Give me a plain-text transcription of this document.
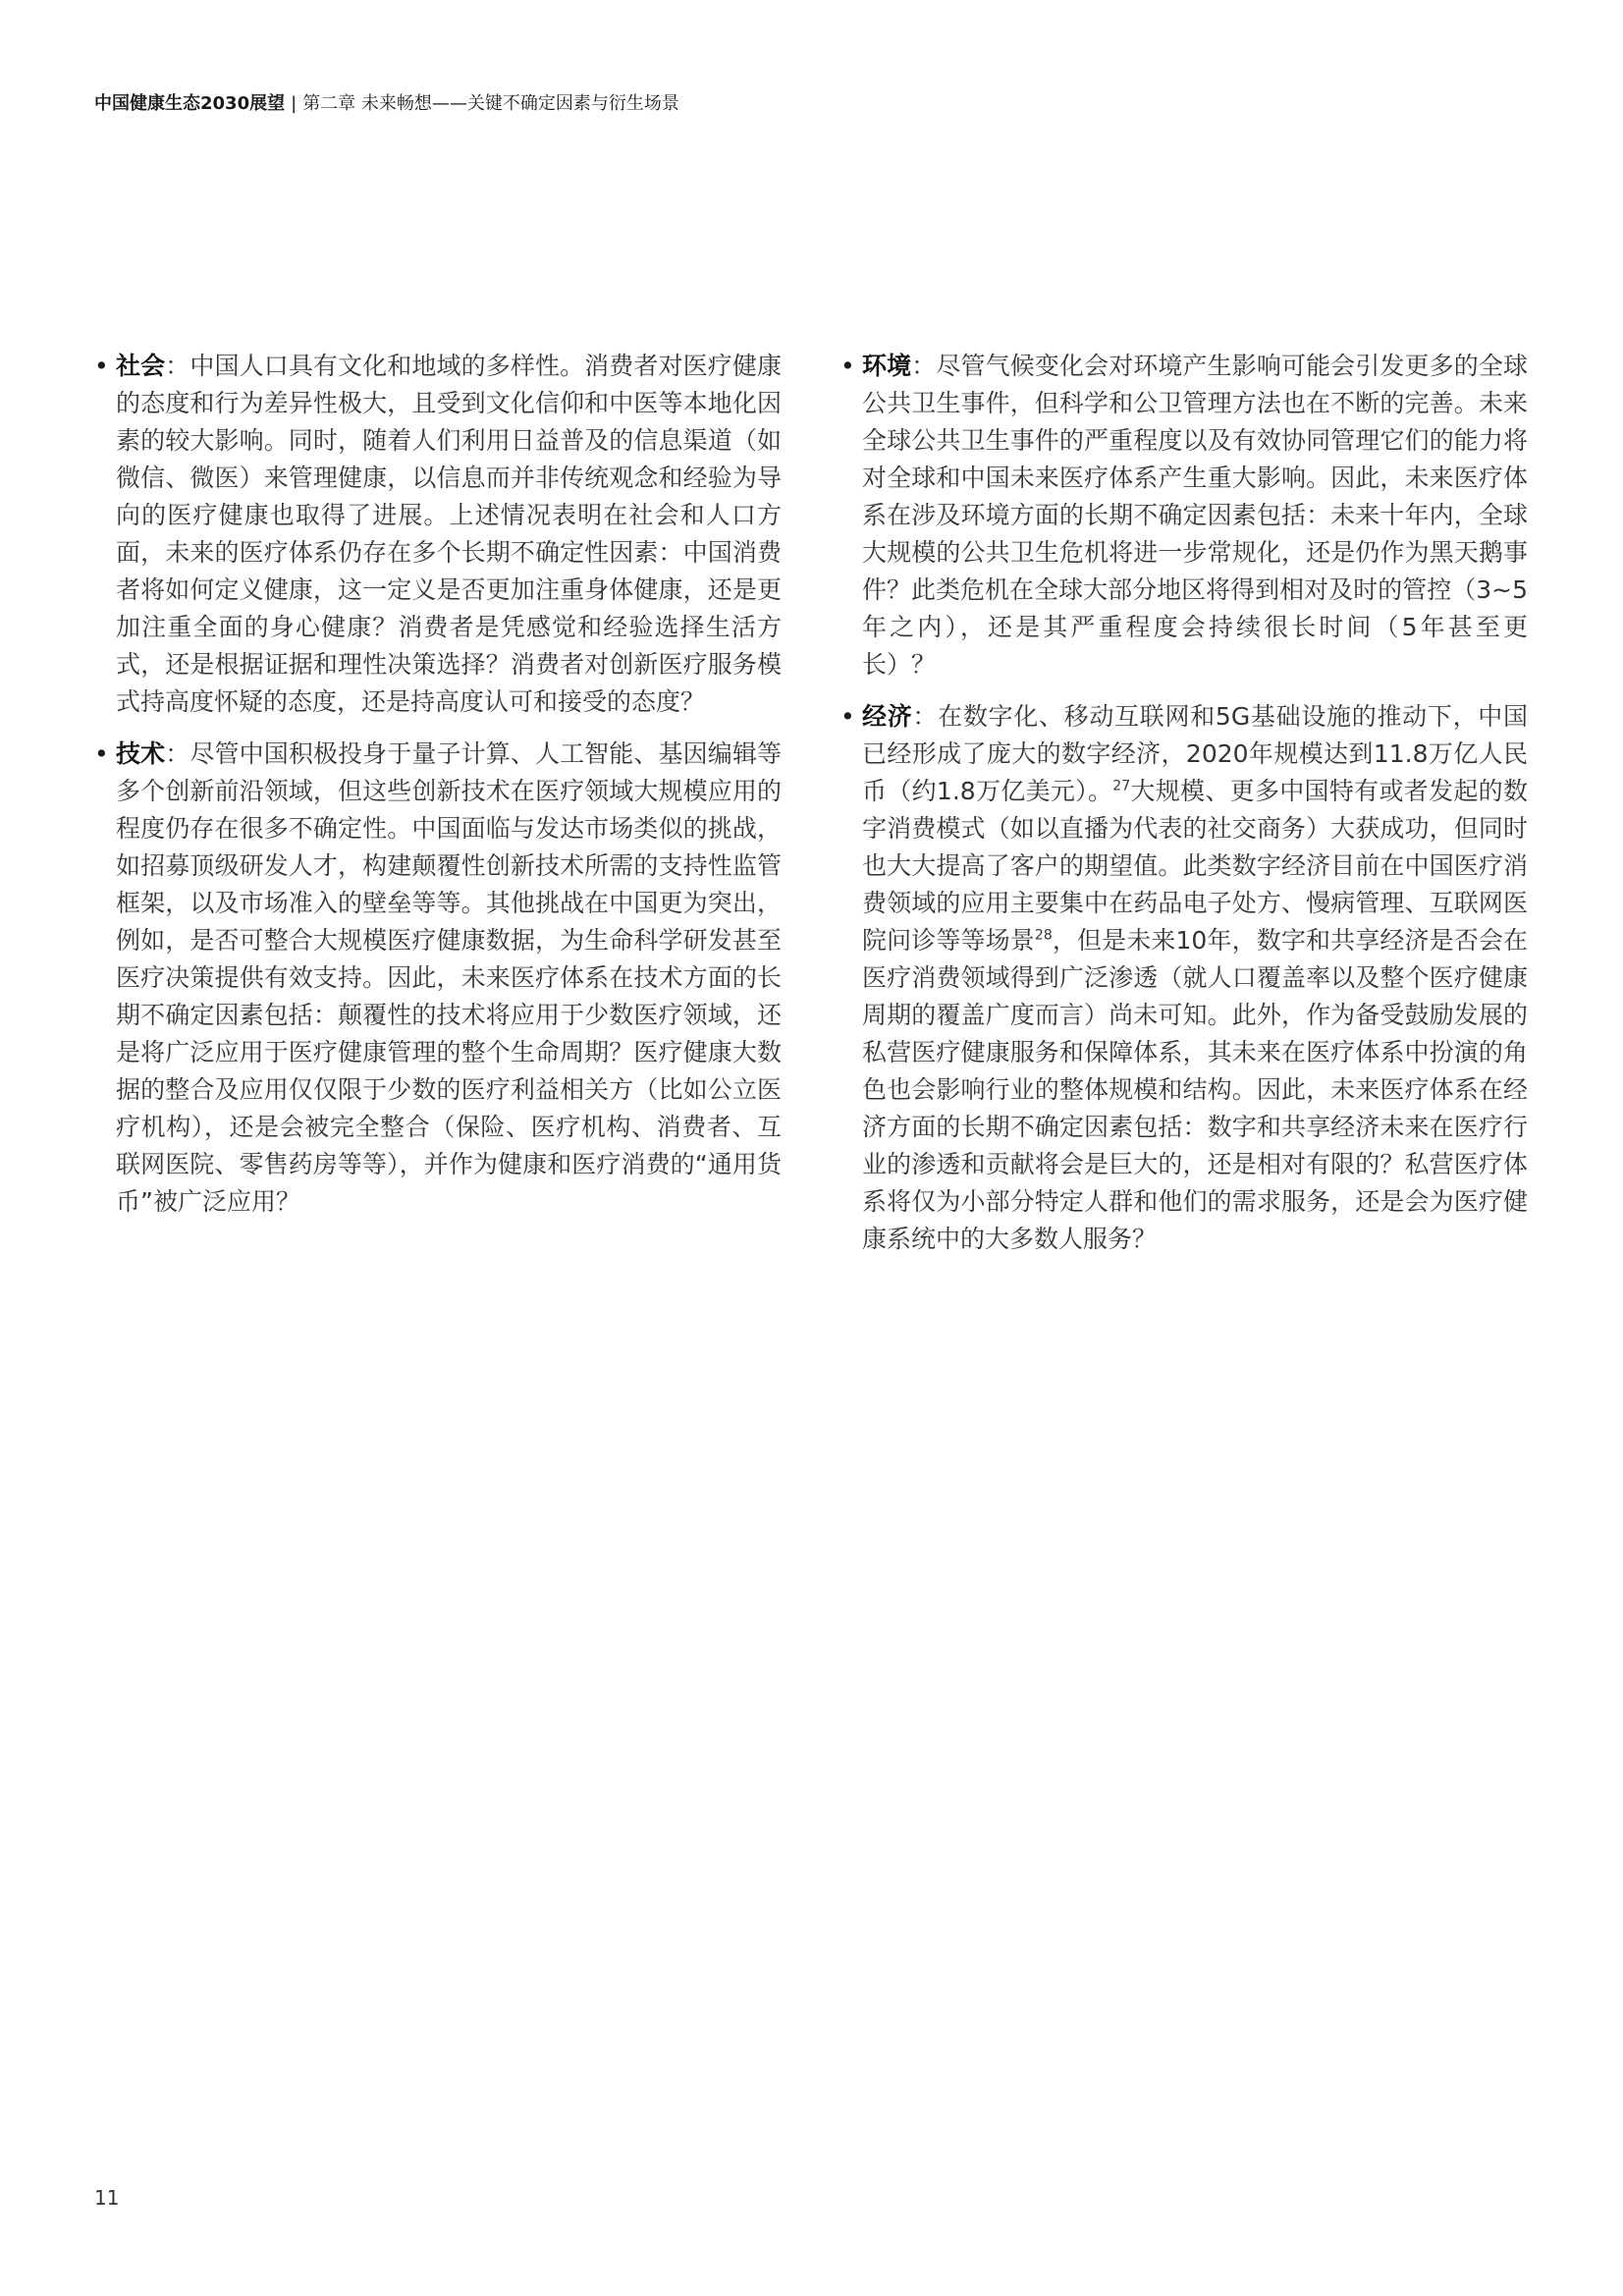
中国健康生态2030展望 | 第二章 未来畅想——关键不确定因素与衍生场景
• 社会：中国人口具有文化和地域的多样性。消费者对医疗健康的态度和行为差异性极大，且受到文化信仰和中医等本地化因素的较大影响。同时，随着人们利用日益普及的信息渠道（如微信、微医）来管理健康，以信息而并非传统观念和经验为导向的医疗健康也取得了进展。上述情况表明在社会和人口方面，未来的医疗体系仍存在多个长期不确定性因素：中国消费者将如何定义健康，这一定义是否更加注重身体健康，还是更加注重全面的身心健康？消费者是凭感觉和经验选择生活方式，还是根据证据和理性决策选择？消费者对创新医疗服务模式持高度怀疑的态度，还是持高度认可和接受的态度？
• 技术：尽管中国积极投身于量子计算、人工智能、基因编辑等多个创新前沿领域，但这些创新技术在医疗领域大规模应用的程度仍存在很多不确定性。中国面临与发达市场类似的挑战，如招募顶级研发人才，构建颠覆性创新技术所需的支持性监管框架，以及市场准入的壁垒等等。其他挑战在中国更为突出，例如，是否可整合大规模医疗健康数据，为生命科学研发甚至医疗决策提供有效支持。因此，未来医疗体系在技术方面的长期不确定因素包括：颠覆性的技术将应用于少数医疗领域，还是将广泛应用于医疗健康管理的整个生命周期？医疗健康大数据的整合及应用仅仅限于少数的医疗利益相关方（比如公立医疗机构），还是会被完全整合（保险、医疗机构、消费者、互联网医院、零售药房等等），并作为健康和医疗消费的“通用货币”被广泛应用？
• 环境：尽管气候变化会对环境产生影响可能会引发更多的全球公共卫生事件，但科学和公卫管理方法也在不断的完善。未来全球公共卫生事件的严重程度以及有效协同管理它们的能力将对全球和中国未来医疗体系产生重大影响。因此，未来医疗体系在涉及环境方面的长期不确定因素包括：未来十年内，全球大规模的公共卫生危机将进一步常规化，还是仍作为黑天鹅事件？此类危机在全球大部分地区将得到相对及时的管控（3~5年之内），还是其严重程度会持续很长时间（5年甚至更长）？
• 经济：在数字化、移动互联网和5G基础设施的推动下，中国已经形成了庞大的数字经济，2020年规模达到11.8万亿人民币（约1.8万亿美元）。$^{27}$大规模、更多中国特有或者发起的数字消费模式（如以直播为代表的社交商务）大获成功，但同时也大大提高了客户的期望值。此类数字经济目前在中国医疗消费领域的应用主要集中在药品电子处方、慢病管理、互联网医院问诊等等场景$^{28}$，但是未来10年，数字和共享经济是否会在医疗消费领域得到广泛渗透（就人口覆盖率以及整个医疗健康周期的覆盖广度而言）尚未可知。此外，作为备受鼓励发展的私营医疗健康服务和保障体系，其未来在医疗体系中扮演的角色也会影响行业的整体规模和结构。因此，未来医疗体系在经济方面的长期不确定因素包括：数字和共享经济未来在医疗行业的渗透和贡献将会是巨大的，还是相对有限的？私营医疗体系将仅为小部分特定人群和他们的需求服务，还是会为医疗健康系统中的大多数人服务？
11
